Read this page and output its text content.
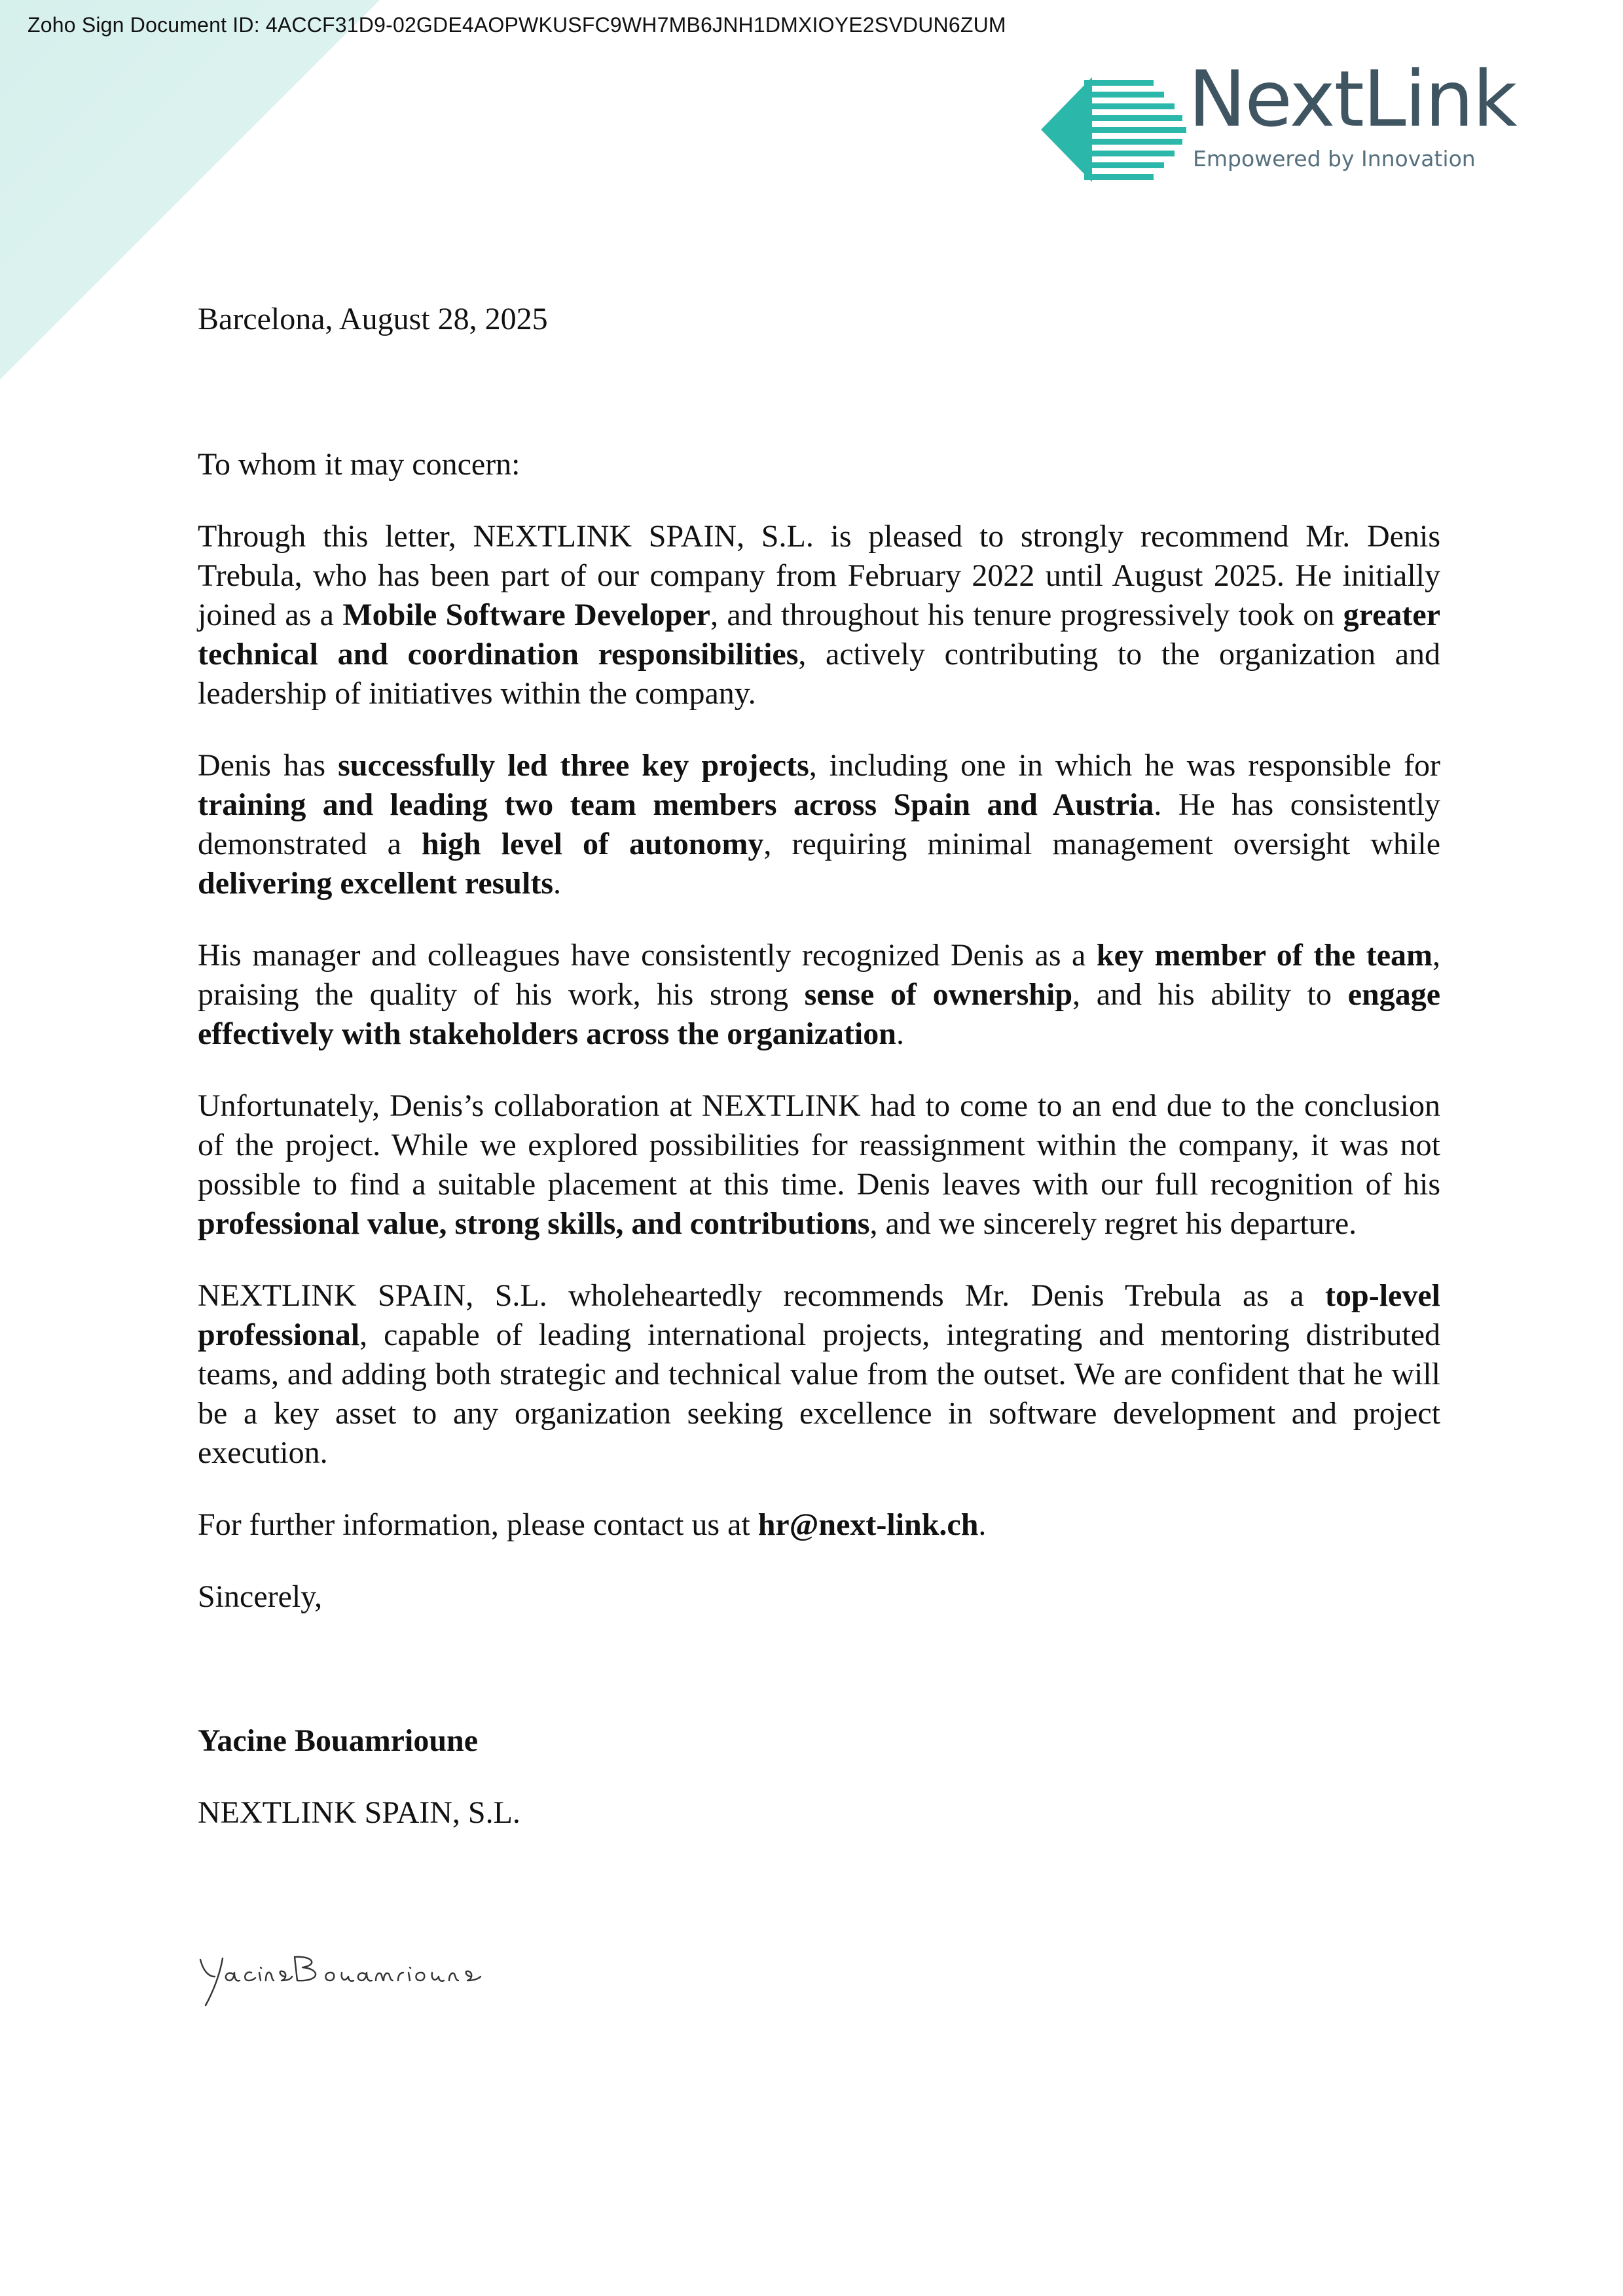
Zoho Sign Document ID: 4ACCF31D9-02GDE4AOPWKUSFC9WH7MB6JNH1DMXIOYE2SVDUN6ZUM
NextLink
Empowered by Innovation

Barcelona, August 28, 2025

To whom it may concern:

Through this letter, NEXTLINK SPAIN, S.L. is pleased to strongly recommend Mr. Denis Trebula, who has been part of our company from February 2022 until August 2025. He initially joined as a Mobile Software Developer, and throughout his tenure progressively took on greater technical and coordination responsibilities, actively contributing to the organization and leadership of initiatives within the company.

Denis has successfully led three key projects, including one in which he was responsible for training and leading two team members across Spain and Austria. He has consistently demonstrated a high level of autonomy, requiring minimal management oversight while delivering excellent results.

His manager and colleagues have consistently recognized Denis as a key member of the team, praising the quality of his work, his strong sense of ownership, and his ability to engage effectively with stakeholders across the organization.

Unfortunately, Denis’s collaboration at NEXTLINK had to come to an end due to the conclusion of the project. While we explored possibilities for reassignment within the company, it was not possible to find a suitable placement at this time. Denis leaves with our full recognition of his professional value, strong skills, and contributions, and we sincerely regret his departure.

NEXTLINK SPAIN, S.L. wholeheartedly recommends Mr. Denis Trebula as a top-level professional, capable of leading international projects, integrating and mentoring distributed teams, and adding both strategic and technical value from the outset. We are confident that he will be a key asset to any organization seeking excellence in software development and project execution.

For further information, please contact us at hr@next-link.ch.

Sincerely,

Yacine Bouamrioune

NEXTLINK SPAIN, S.L.
